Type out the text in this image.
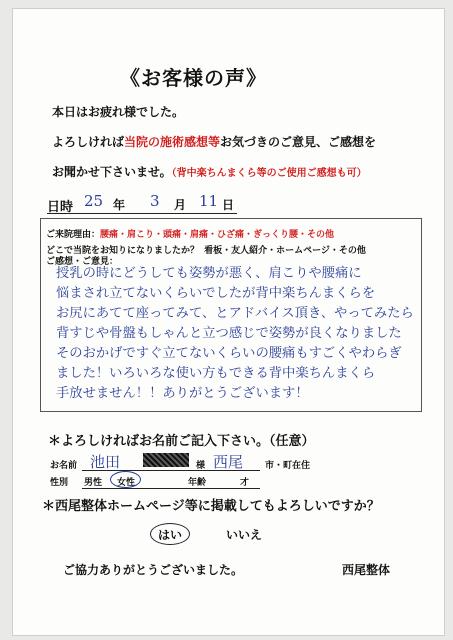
《お客様の声》
本日はお疲れ様でした。
よろしければ当院の施術感想等お気づきのご意見、ご感想を
お聞かせ下さいませ。（背中楽ちんまくら等のご使用ご感想も可）
日時 25 年 3 月 11 日
ご来院理由：腰痛・肩こり・頭痛・肩痛・ひざ痛・ぎっくり腰・その他
どこで当院をお知りになりましたか？ 看板・友人紹介・ホームページ・その他
ご感想・ご意見：
授乳の時にどうしても姿勢が悪く、肩こりや腰痛に
悩まされ立てないくらいでしたが背中楽ちんまくらを
お尻にあてて座ってみて、とアドバイス頂き、やってみたら
背すじや骨盤もしゃんと立つ感じで姿勢が良くなりました
そのおかげですぐ立てないくらいの腰痛もすごくやわらぎ
ました！いろいろな使い方もできる背中楽ちんまくら
手放せません！！ありがとうございます！
＊よろしければお名前ご記入下さい。（任意）
お名前 池田	様 西尾 市・町在住
性別 男性 女性	年齢	才
＊西尾整体ホームページ等に掲載してもよろしいですか？
はい	いいえ
ご協力ありがとうございました。	西尾整体
